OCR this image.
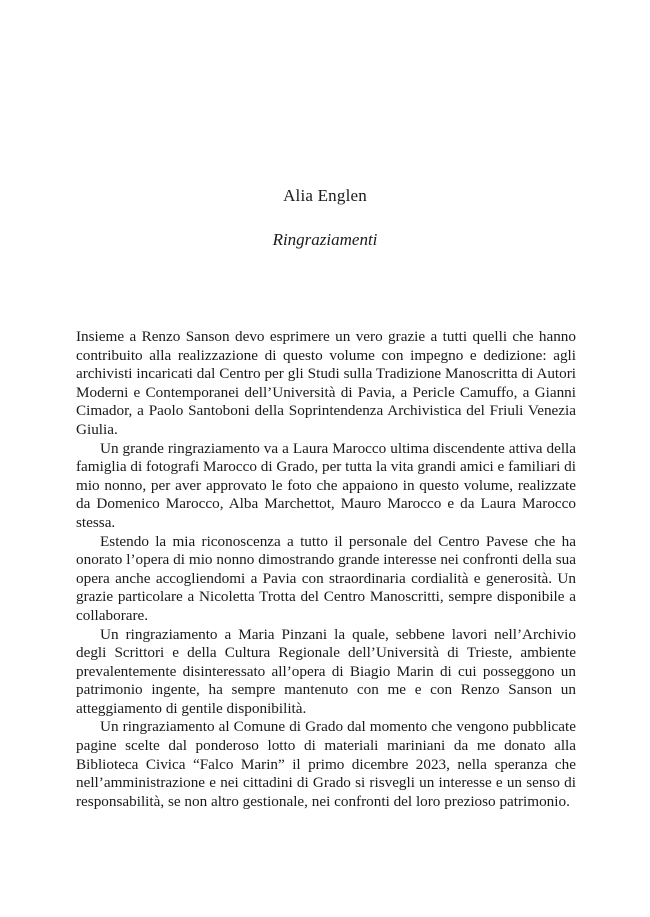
Alia Englen
Ringraziamenti

Insieme a Renzo Sanson devo esprimere un vero grazie a tutti quelli che hanno contribuito alla realizzazione di questo volume con impegno e dedizione: agli archivisti incaricati dal Centro per gli Studi sulla Tradizione Manoscritta di Autori Moderni e Contemporanei dell’Università di Pavia, a Pericle Camuffo, a Gianni Cimador, a Paolo Santoboni della Soprintendenza Archivistica del Friuli Venezia Giulia.

Un grande ringraziamento va a Laura Marocco ultima discendente attiva della famiglia di fotografi Marocco di Grado, per tutta la vita grandi amici e familiari di mio nonno, per aver approvato le foto che appaiono in questo volume, realizzate da Domenico Marocco, Alba Marchettot, Mauro Marocco e da Laura Marocco stessa.

Estendo la mia riconoscenza a tutto il personale del Centro Pavese che ha onorato l’opera di mio nonno dimostrando grande interesse nei confronti della sua opera anche accogliendomi a Pavia con straordinaria cordialità e generosità. Un grazie particolare a Nicoletta Trotta del Centro Manoscritti, sempre disponibile a collaborare.

Un ringraziamento a Maria Pinzani la quale, sebbene lavori nell’Archivio degli Scrittori e della Cultura Regionale dell’Università di Trieste, ambiente prevalentemente disinteressato all’opera di Biagio Marin di cui posseggono un patrimonio ingente, ha sempre mantenuto con me e con Renzo Sanson un atteggiamento di gentile disponibilità.

Un ringraziamento al Comune di Grado dal momento che vengono pubblicate pagine scelte dal ponderoso lotto di materiali mariniani da me donato alla Biblioteca Civica “Falco Marin” il primo dicembre 2023, nella speranza che nell’amministrazione e nei cittadini di Grado si risvegli un interesse e un senso di responsabilità, se non altro gestionale, nei confronti del loro prezioso patrimonio.
